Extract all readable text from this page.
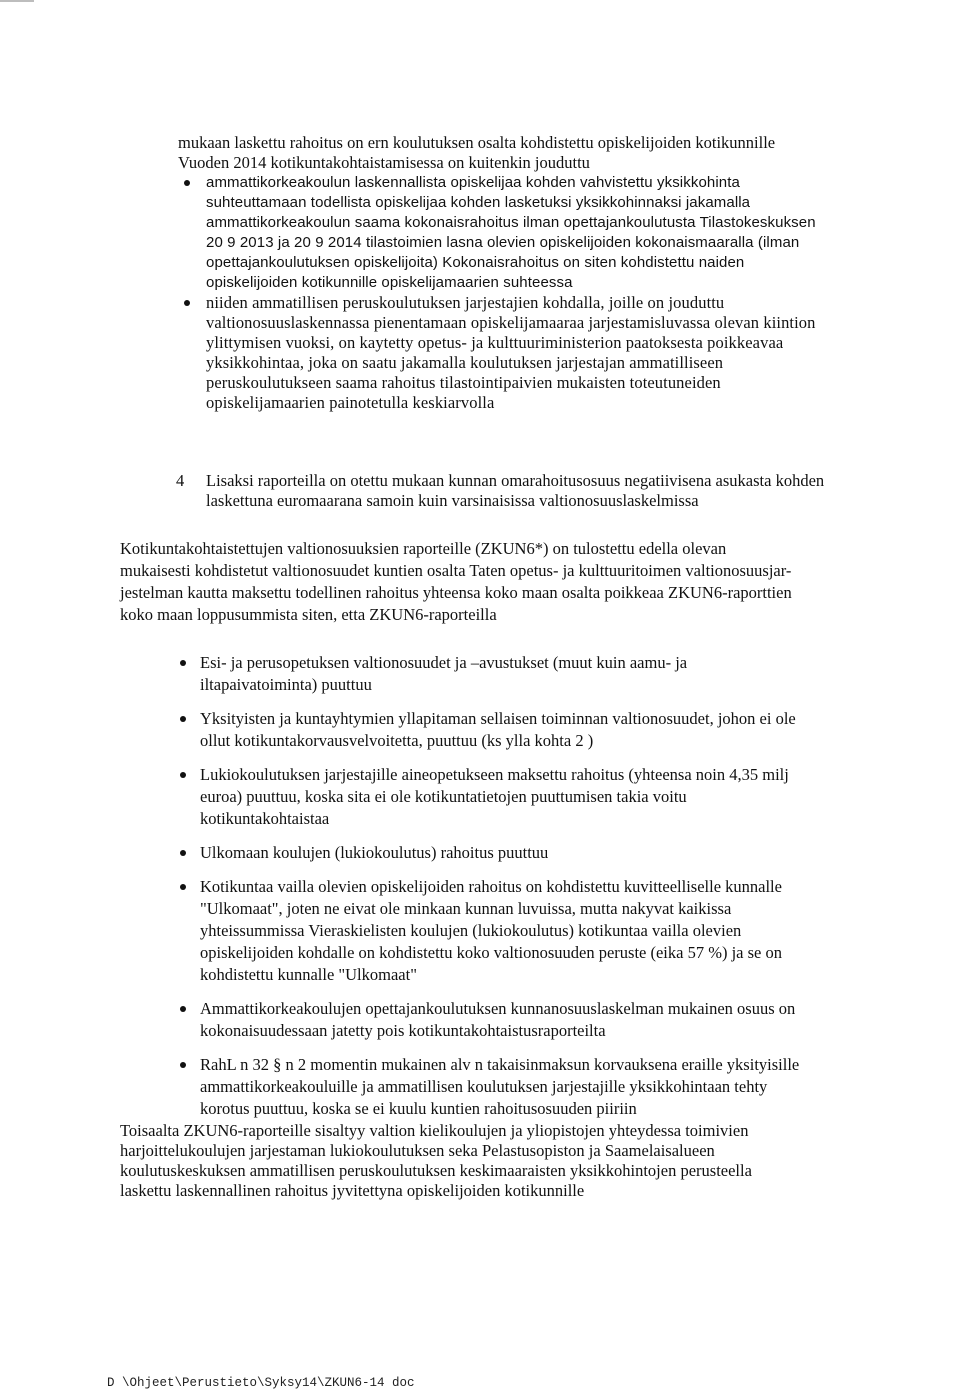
mukaan laskettu rahoitus on ern koulutuksen osalta kohdistettu opiskelijoiden kotikunnille
Vuoden 2014 kotikuntakohtaistamisessa on kuitenkin jouduttu
ammattikorkeakoulun laskennallista opiskelijaa kohden vahvistettu yksikkohinta
suhteuttamaan todellista opiskelijaa kohden lasketuksi yksikkohinnaksi jakamalla
ammattikorkeakoulun saama kokonaisrahoitus ilman opettajankoulutusta Tilastokeskuksen
20 9 2013 ja 20 9 2014 tilastoimien lasna olevien opiskelijoiden kokonaismaaralla (ilman
opettajankoulutuksen opiskelijoita) Kokonaisrahoitus on siten kohdistettu naiden
opiskelijoiden kotikunnille opiskelijamaarien suhteessa
niiden ammatillisen peruskoulutuksen jarjestajien kohdalla, joille on jouduttu
valtionosuuslaskennassa pienentamaan opiskelijamaaraa jarjestamisluvassa olevan kiintion
ylittymisen vuoksi, on kaytetty opetus- ja kulttuuriministerion paatoksesta poikkeavaa
yksikkohintaa, joka on saatu jakamalla koulutuksen jarjestajan ammatilliseen
peruskoulutukseen saama rahoitus tilastointipaivien mukaisten toteutuneiden
opiskelijamaarien painotetulla keskiarvolla
4 Lisaksi raporteilla on otettu mukaan kunnan omarahoitusosuus negatiivisena asukasta kohden
laskettuna euromaarana samoin kuin varsinaisissa valtionosuuslaskelmissa
Kotikuntakohtaistettujen valtionosuuksien raporteille (ZKUN6*) on tulostettu edella olevan
mukaisesti kohdistetut valtionosuudet kuntien osalta Taten opetus- ja kulttuuritoimen valtionosuusjar-
jestelman kautta maksettu todellinen rahoitus yhteensa koko maan osalta poikkeaa ZKUN6-raporttien
koko maan loppusummista siten, etta ZKUN6-raporteilla
Esi- ja perusopetuksen valtionosuudet ja –avustukset (muut kuin aamu- ja
iltapaivatoiminta) puuttuu
Yksityisten ja kuntayhtymien yllapitaman sellaisen toiminnan valtionosuudet, johon ei ole
ollut kotikuntakorvausvelvoitetta, puuttuu (ks ylla kohta 2 )
Lukiokoulutuksen jarjestajille aineopetukseen maksettu rahoitus (yhteensa noin 4,35 milj
euroa) puuttuu, koska sita ei ole kotikuntatietojen puuttumisen takia voitu
kotikuntakohtaistaa
Ulkomaan koulujen (lukiokoulutus) rahoitus puuttuu
Kotikuntaa vailla olevien opiskelijoiden rahoitus on kohdistettu kuvitteelliselle kunnalle
"Ulkomaat", joten ne eivat ole minkaan kunnan luvuissa, mutta nakyvat kaikissa
yhteissummissa Vieraskielisten koulujen (lukiokoulutus) kotikuntaa vailla olevien
opiskelijoiden kohdalle on kohdistettu koko valtionosuuden peruste (eika 57 %) ja se on
kohdistettu kunnalle "Ulkomaat"
Ammattikorkeakoulujen opettajankoulutuksen kunnanosuuslaskelman mukainen osuus on
kokonaisuudessaan jatetty pois kotikuntakohtaistusraporteilta
RahL n 32 § n 2 momentin mukainen alv n takaisinmaksun korvauksena eraille yksityisille
ammattikorkeakouluille ja ammatillisen koulutuksen jarjestajille yksikkohintaan tehty
korotus puuttuu, koska se ei kuulu kuntien rahoitusosuuden piiriin
Toisaalta ZKUN6-raporteille sisaltyy valtion kielikoulujen ja yliopistojen yhteydessa toimivien
harjoittelukoulujen jarjestaman lukiokoulutuksen seka Pelastusopiston ja Saamelaisalueen
koulutuskeskuksen ammatillisen peruskoulutuksen keskimaaraisten yksikkohintojen perusteella
laskettu laskennallinen rahoitus jyvitettyna opiskelijoiden kotikunnille
D \Ohjeet\Perustieto\Syksy14\ZKUN6-14 doc
